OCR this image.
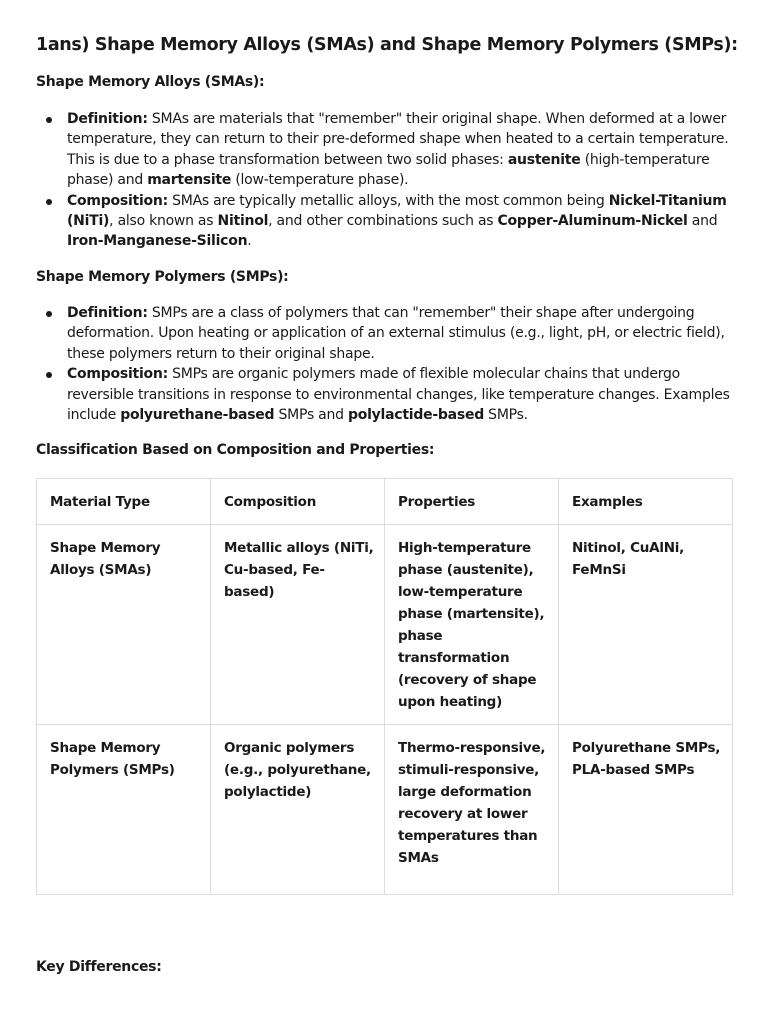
1ans) Shape Memory Alloys (SMAs) and Shape Memory Polymers (SMPs):
Shape Memory Alloys (SMAs):
Definition: SMAs are materials that "remember" their original shape. When deformed at a lower temperature, they can return to their pre-deformed shape when heated to a certain temperature. This is due to a phase transformation between two solid phases: austenite (high-temperature phase) and martensite (low-temperature phase).
Composition: SMAs are typically metallic alloys, with the most common being Nickel-Titanium (NiTi), also known as Nitinol, and other combinations such as Copper-Aluminum-Nickel and Iron-Manganese-Silicon.
Shape Memory Polymers (SMPs):
Definition: SMPs are a class of polymers that can "remember" their shape after undergoing deformation. Upon heating or application of an external stimulus (e.g., light, pH, or electric field), these polymers return to their original shape.
Composition: SMPs are organic polymers made of flexible molecular chains that undergo reversible transitions in response to environmental changes, like temperature changes. Examples include polyurethane-based SMPs and polylactide-based SMPs.
Classification Based on Composition and Properties:
Material Type	Composition	Properties	Examples
Shape Memory Alloys (SMAs)	Metallic alloys (NiTi, Cu-based, Fe-based)	High-temperature phase (austenite), low-temperature phase (martensite), phase transformation (recovery of shape upon heating)	Nitinol, CuAlNi, FeMnSi
Shape Memory Polymers (SMPs)	Organic polymers (e.g., polyurethane, polylactide)	Thermo-responsive, stimuli-responsive, large deformation recovery at lower temperatures than SMAs	Polyurethane SMPs, PLA-based SMPs
Key Differences:
